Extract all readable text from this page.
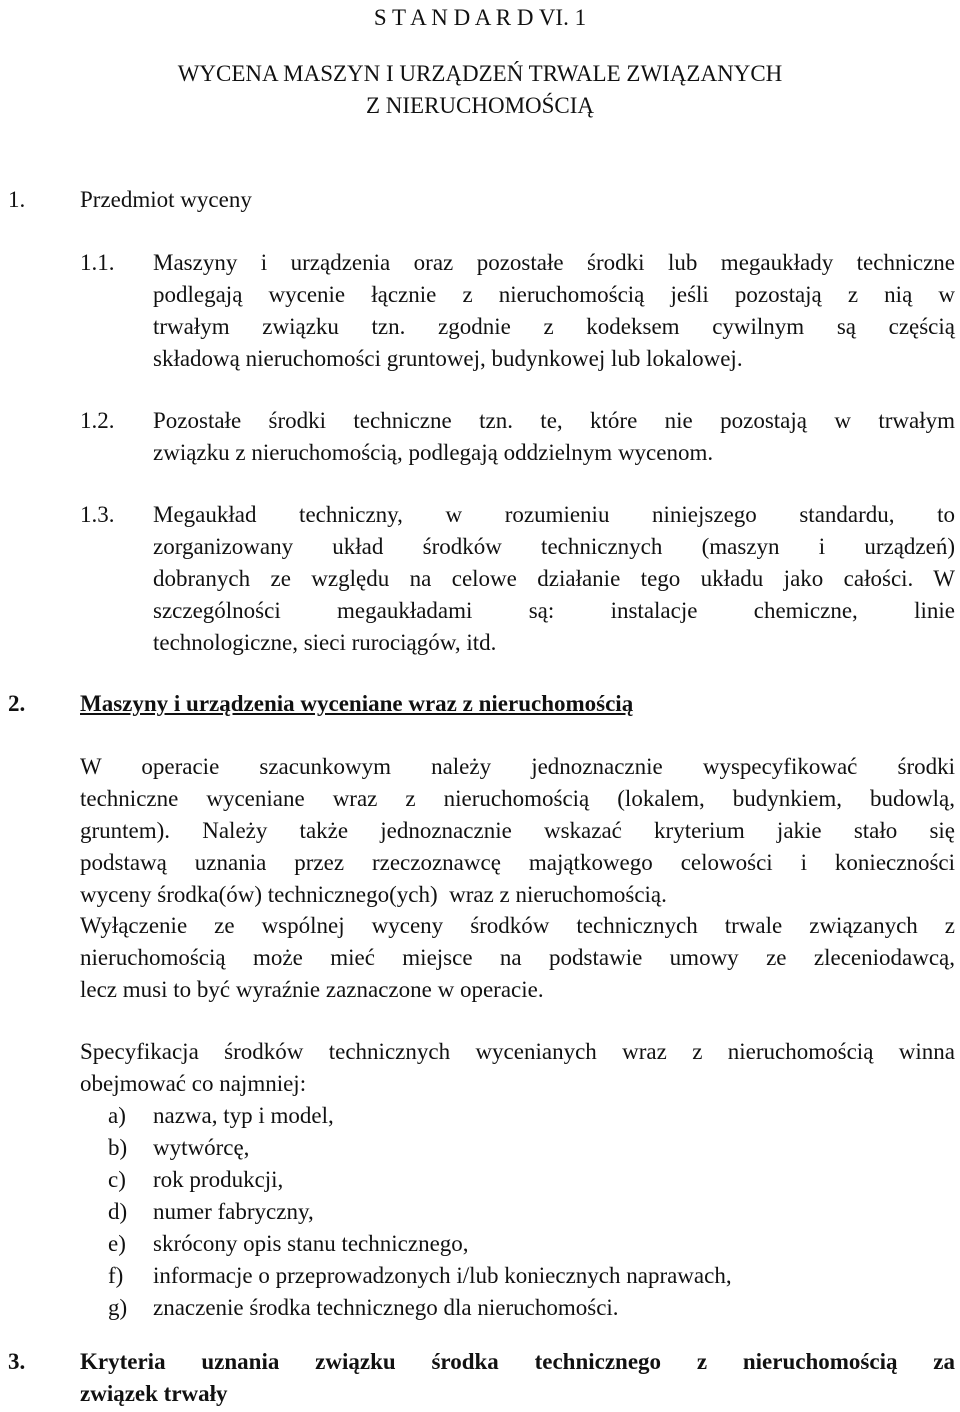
S T A N D A R D VI. 1
WYCENA MASZYN I URZĄDZEŃ TRWALE ZWIĄZANYCH
Z NIERUCHOMOŚCIĄ
1. Przedmiot wyceny
1.1. Maszyny i urządzenia oraz pozostałe środki lub megaukłady techniczne
podlegają wycenie łącznie z nieruchomością jeśli pozostają z nią w
trwałym związku tzn. zgodnie z kodeksem cywilnym są częścią
składową nieruchomości gruntowej, budynkowej lub lokalowej.
1.2. Pozostałe środki techniczne tzn. te, które nie pozostają w trwałym
związku z nieruchomością, podlegają oddzielnym wycenom.
1.3. Megaukład techniczny, w rozumieniu niniejszego standardu, to
zorganizowany układ środków technicznych (maszyn i urządzeń)
dobranych ze względu na celowe działanie tego układu jako całości. W
szczególności megaukładami są: instalacje chemiczne, linie
technologiczne, sieci rurociągów, itd.
2. Maszyny i urządzenia wyceniane wraz z nieruchomością
W operacie szacunkowym należy jednoznacznie wyspecyfikować środki
techniczne wyceniane wraz z nieruchomością (lokalem, budynkiem, budowlą,
gruntem). Należy także jednoznacznie wskazać kryterium jakie stało się
podstawą uznania przez rzeczoznawcę majątkowego celowości i konieczności
wyceny środka(ów) technicznego(ych)  wraz z nieruchomością.
Wyłączenie ze wspólnej wyceny środków technicznych trwale związanych z
nieruchomością może mieć miejsce na podstawie umowy ze zleceniodawcą,
lecz musi to być wyraźnie zaznaczone w operacie.
Specyfikacja środków technicznych wycenianych wraz z nieruchomością winna
obejmować co najmniej:
a) nazwa, typ i model,
b) wytwórcę,
c) rok produkcji,
d) numer fabryczny,
e) skrócony opis stanu technicznego,
f) informacje o przeprowadzonych i/lub koniecznych naprawach,
g) znaczenie środka technicznego dla nieruchomości.
3. Kryteria uznania związku środka technicznego z nieruchomością za
związek trwały
